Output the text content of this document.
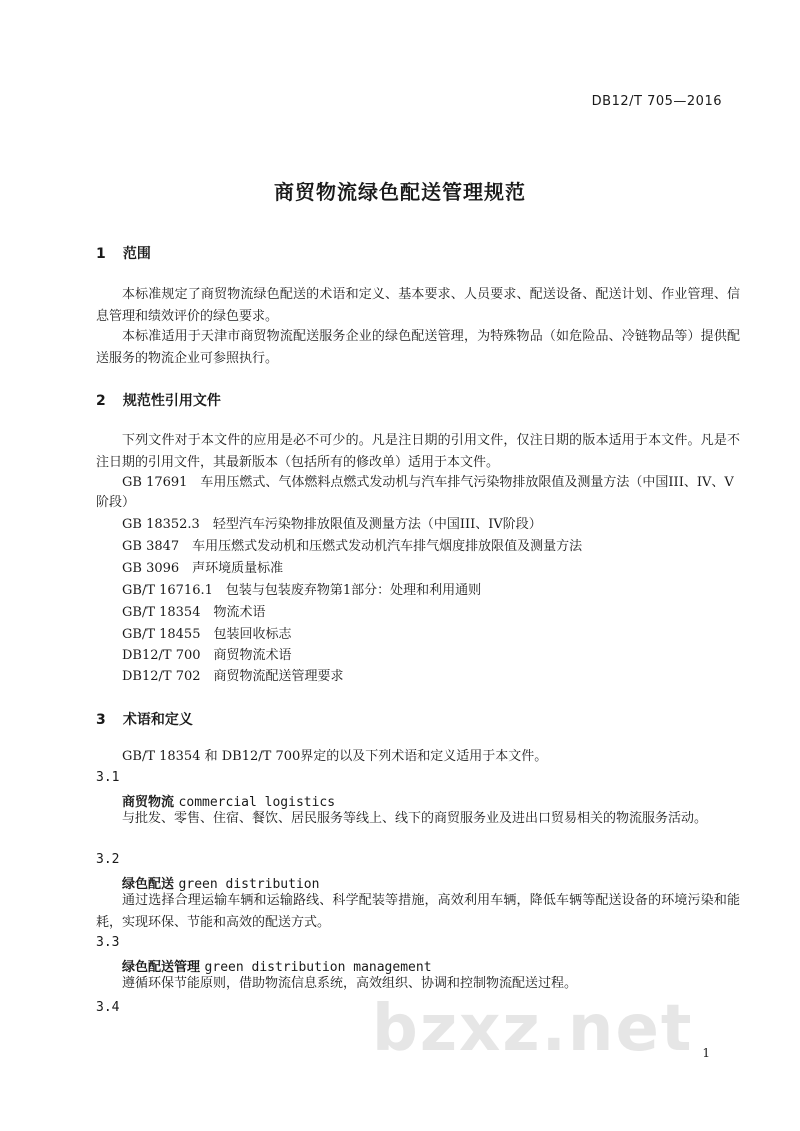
DB12/T 705—2016
商贸物流绿色配送管理规范
1 范围
本标准规定了商贸物流绿色配送的术语和定义、基本要求、人员要求、配送设备、配送计划、作业管理、信息管理和绩效评价的绿色要求。
本标准适用于天津市商贸物流配送服务企业的绿色配送管理，为特殊物品（如危险品、冷链物品等）提供配送服务的物流企业可参照执行。
2 规范性引用文件
下列文件对于本文件的应用是必不可少的。凡是注日期的引用文件，仅注日期的版本适用于本文件。凡是不注日期的引用文件，其最新版本（包括所有的修改单）适用于本文件。
GB 17691　车用压燃式、气体燃料点燃式发动机与汽车排气污染物排放限值及测量方法（中国III、IV、V阶段）
GB 18352.3　轻型汽车污染物排放限值及测量方法（中国III、IV阶段）
GB 3847　车用压燃式发动机和压燃式发动机汽车排气烟度排放限值及测量方法
GB 3096　声环境质量标准
GB/T 16716.1　包装与包装废弃物第1部分：处理和利用通则
GB/T 18354　物流术语
GB/T 18455　包装回收标志
DB12/T 700　商贸物流术语
DB12/T 702　商贸物流配送管理要求
3 术语和定义
GB/T 18354 和 DB12/T 700界定的以及下列术语和定义适用于本文件。
3.1
商贸物流 commercial logistics
与批发、零售、住宿、餐饮、居民服务等线上、线下的商贸服务业及进出口贸易相关的物流服务活动。
3.2
绿色配送 green distribution
通过选择合理运输车辆和运输路线、科学配装等措施，高效利用车辆，降低车辆等配送设备的环境污染和能耗，实现环保、节能和高效的配送方式。
3.3
绿色配送管理 green distribution management
遵循环保节能原则，借助物流信息系统，高效组织、协调和控制物流配送过程。
3.4	bzxz.net 1
